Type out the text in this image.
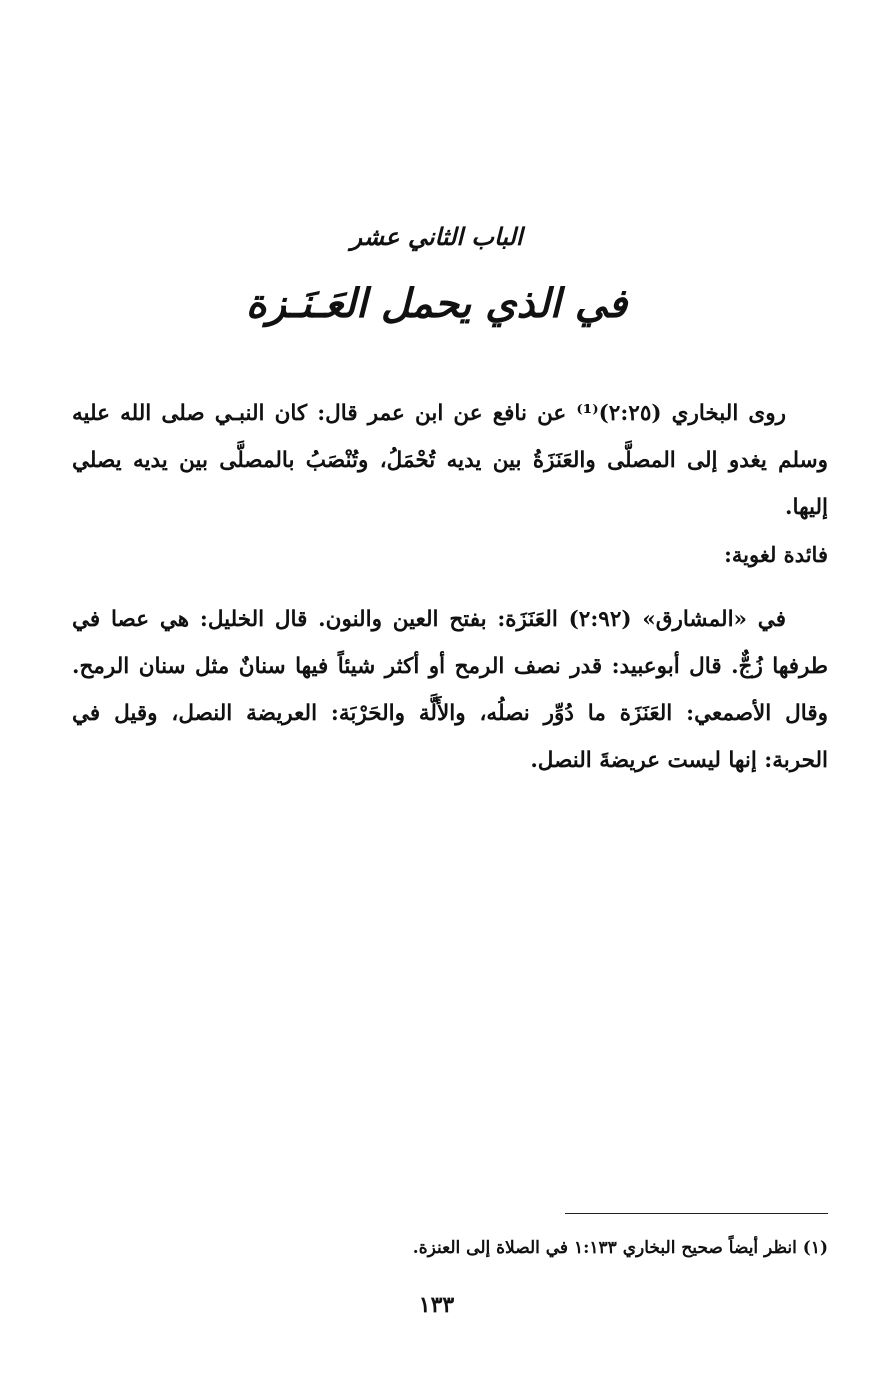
الباب الثاني عشر
في الذي يحمل العَـنَـزة
روى البخاري (٢:٢٥)⁽¹⁾ عن نافع عن ابن عمر قال: كان النبـي صلى الله عليه وسلم يغدو إلى المصلَّى والعَنَزَةُ بين يديه تُحْمَلُ، وتُنْصَبُ بالمصلَّى بين يديه يصلي إليها.
فائدة لغوية:
في «المشارق» (٢:٩٢) العَنَزَة: بفتح العين والنون. قال الخليل: هي عصا في طرفها زُجٌّ. قال أبوعبيد: قدر نصف الرمح أو أكثر شيئاً فيها سنانٌ مثل سنان الرمح. وقال الأصمعي: العَنَزَة ما دُوِّر نصلُه، والأَلَّة والحَرْبَة: العريضة النصل، وقيل في الحربة: إنها ليست عريضةَ النصل.
(١) انظر أيضاً صحيح البخاري ١:١٣٣ في الصلاة إلى العنزة.
١٣٣
